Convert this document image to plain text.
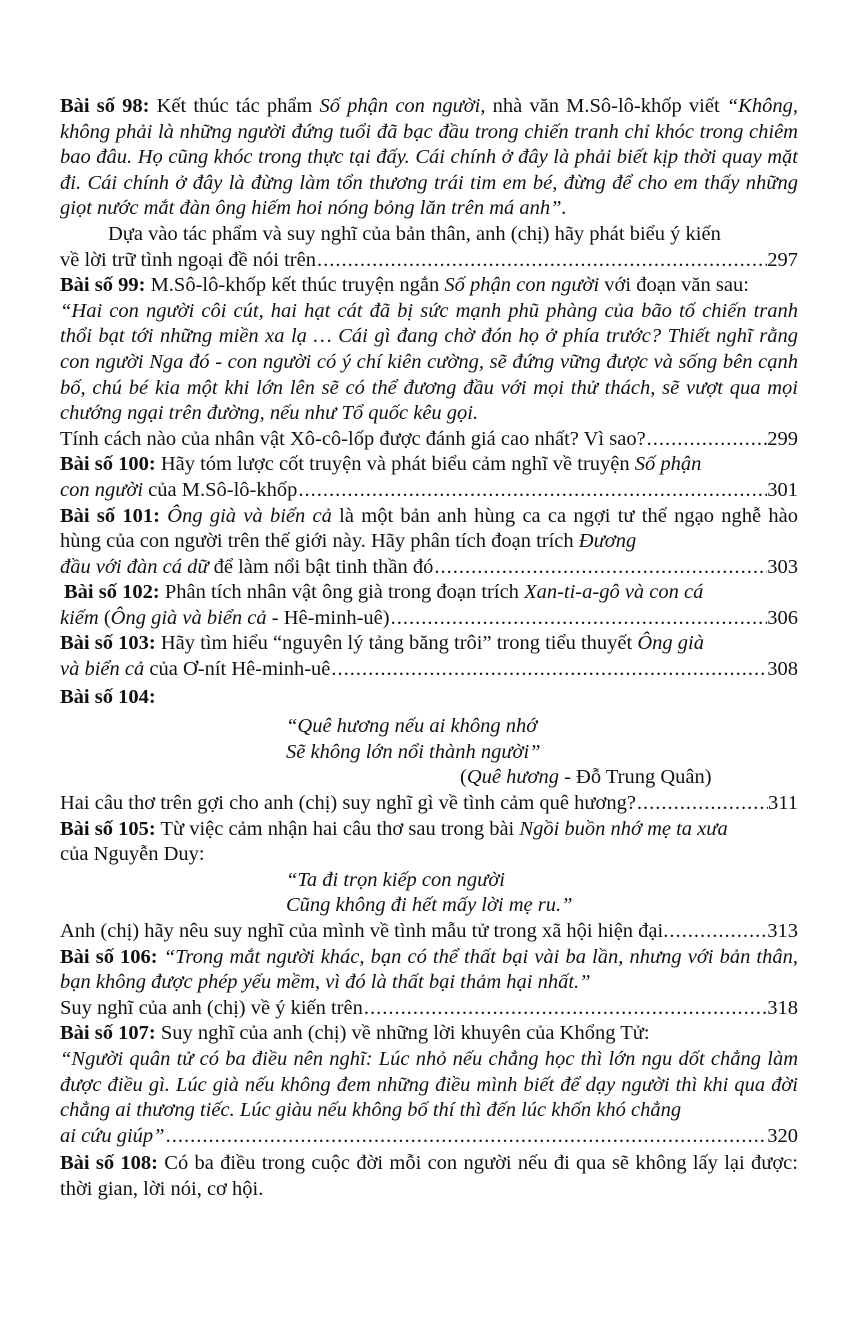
Bài số 98: Kết thúc tác phẩm Số phận con người, nhà văn M.Sô-lô-khốp viết “Không, không phải là những người đứng tuổi đã bạc đầu trong chiến tranh chỉ khóc trong chiêm bao đâu. Họ cũng khóc trong thực tại đấy. Cái chính ở đây là phải biết kịp thời quay mặt đi. Cái chính ở đây là đừng làm tổn thương trái tim em bé, đừng để cho em thấy những giọt nước mắt đàn ông hiếm hoi nóng bỏng lăn trên má anh”.

Dựa vào tác phẩm và suy nghĩ của bản thân, anh (chị) hãy phát biểu ý kiến

về lời trữ tình ngoại đề nói trên .....	297

Bài số 99: M.Sô-lô-khốp kết thúc truyện ngắn Số phận con người với đoạn văn sau:

“Hai con người côi cút, hai hạt cát đã bị sức mạnh phũ phàng của bão tố chiến tranh thổi bạt tới những miền xa lạ … Cái gì đang chờ đón họ ở phía trước? Thiết nghĩ rằng con người Nga đó - con người có ý chí kiên cường, sẽ đứng vững được và sống bên cạnh bố, chú bé kia một khi lớn lên sẽ có thể đương đầu với mọi thử thách, sẽ vượt qua mọi chướng ngại trên đường, nếu như Tổ quốc kêu gọi.

Tính cách nào của nhân vật Xô-cô-lốp được đánh giá cao nhất? Vì sao? .....	299

Bài số 100: Hãy tóm lược cốt truyện và phát biểu cảm nghĩ về truyện Số phận

con người của M.Sô-lô-khốp .....	301

Bài số 101: Ông già và biển cả là một bản anh hùng ca ca ngợi tư thế ngạo nghễ hào hùng của con người trên thế giới này. Hãy phân tích đoạn trích Đương

đầu với đàn cá dữ để làm nổi bật tinh thần đó .....	303

Bài số 102: Phân tích nhân vật ông già trong đoạn trích Xan-ti-a-gô và con cá

kiếm (Ông già và biển cả - Hê-minh-uê) .....	306

Bài số 103: Hãy tìm hiểu “nguyên lý tảng băng trôi” trong tiểu thuyết Ông già

và biển cả của Ơ-nít Hê-minh-uê .....	308

Bài số 104:

“Quê hương nếu ai không nhớ

Sẽ không lớn nổi thành người”

(Quê hương - Đỗ Trung Quân)

Hai câu thơ trên gợi cho anh (chị) suy nghĩ gì về tình cảm quê hương? .....	311

Bài số 105: Từ việc cảm nhận hai câu thơ sau trong bài Ngồi buồn nhớ mẹ ta xưa

của Nguyễn Duy:

“Ta đi trọn kiếp con người

Cũng không đi hết mấy lời mẹ ru.”

Anh (chị) hãy nêu suy nghĩ của mình về tình mẫu tử trong xã hội hiện đại. .....	313

Bài số 106: “Trong mắt người khác, bạn có thể thất bại vài ba lần, nhưng với bản thân, bạn không được phép yếu mềm, vì đó là thất bại thảm hại nhất.”

Suy nghĩ của anh (chị) về ý kiến trên .....	318

Bài số 107: Suy nghĩ của anh (chị) về những lời khuyên của Khổng Tử:

“Người quân tử có ba điều nên nghĩ: Lúc nhỏ nếu chẳng học thì lớn ngu dốt chẳng làm được điều gì. Lúc già nếu không đem những điều mình biết để dạy người thì khi qua đời chẳng ai thương tiếc. Lúc giàu nếu không bố thí thì đến lúc khốn khó chẳng

ai cứu giúp” .....	320

Bài số 108: Có ba điều trong cuộc đời mỗi con người nếu đi qua sẽ không lấy lại được: thời gian, lời nói, cơ hội.
